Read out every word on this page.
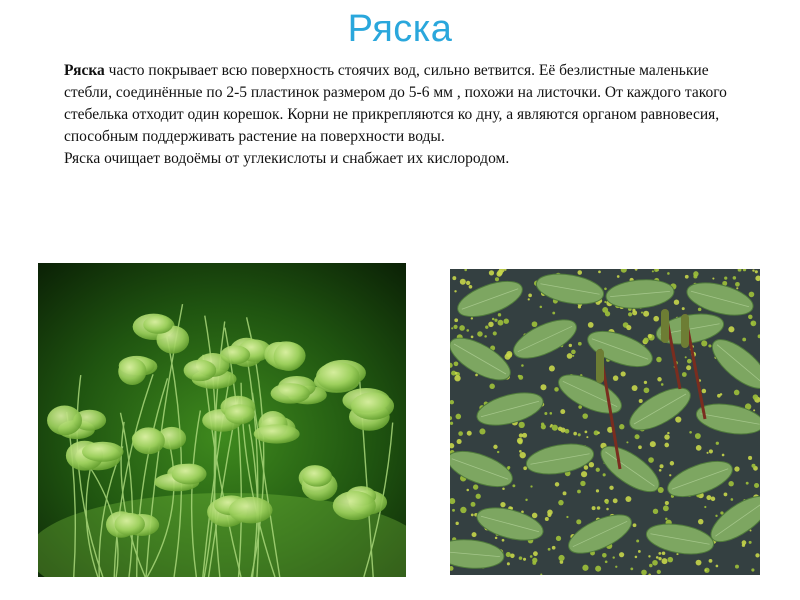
Ряска

Ряска часто покрывает всю поверхность стоячих вод, сильно ветвится. Её безлистные маленькие стебли, соединённые по 2-5 пластинок размером до 5-6 мм , похожи на листочки. От каждого такого стебелька отходит один корешок. Корни не прикрепляются ко дну, а являются органом равновесия, способным поддерживать растение на поверхности воды.

Ряска очищает водоёмы от углекислоты и снабжает их кислородом.
